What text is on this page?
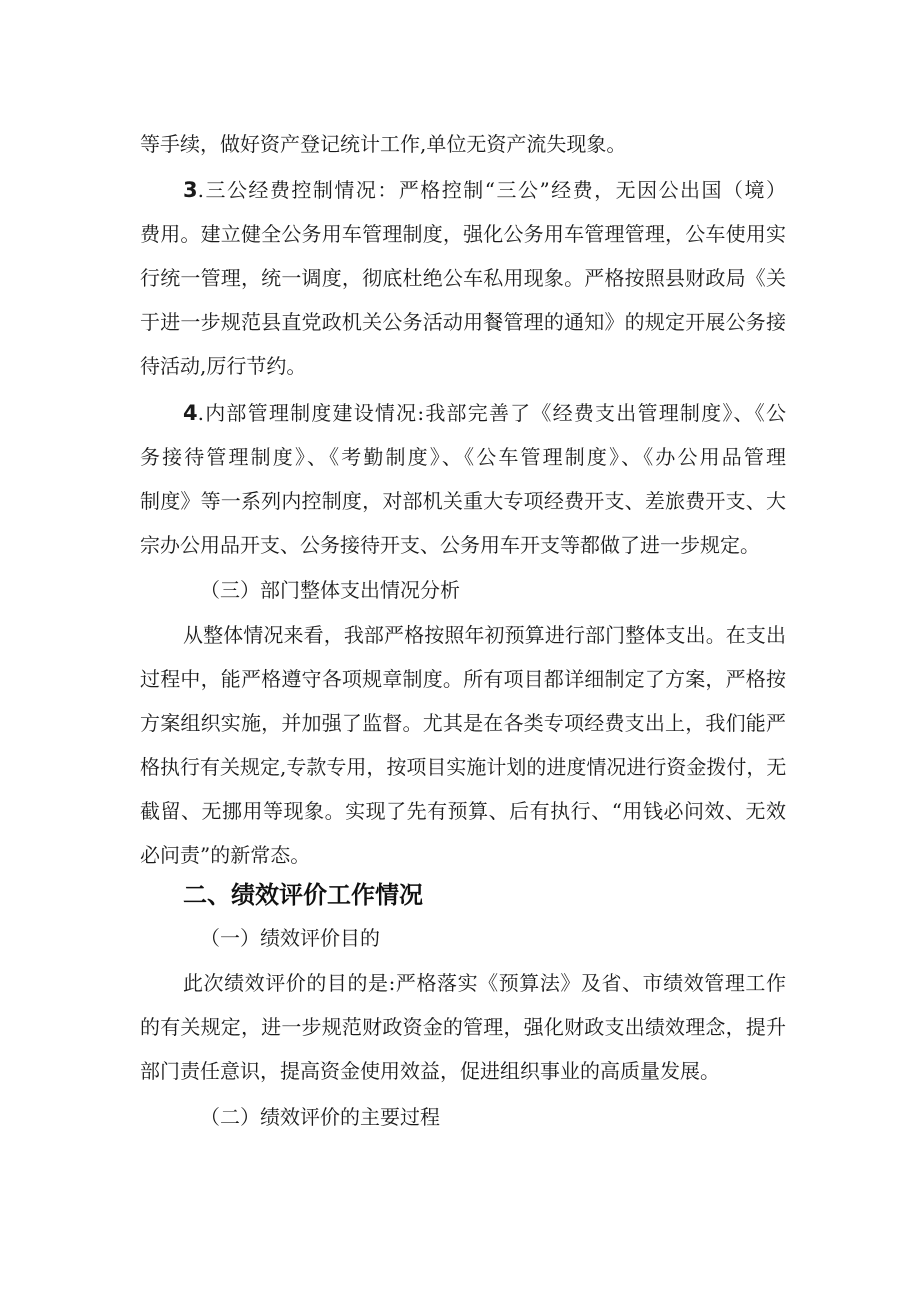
等手续，做好资产登记统计工作,单位无资产流失现象。
3.三公经费控制情况：严格控制“三公”经费，无因公出国（境）
费用。建立健全公务用车管理制度，强化公务用车管理管理，公车使用实
行统一管理，统一调度，彻底杜绝公车私用现象。严格按照县财政局《关
于进一步规范县直党政机关公务活动用餐管理的通知》的规定开展公务接
待活动,厉行节约。
4.内部管理制度建设情况:我部完善了《经费支出管理制度》、《公
务接待管理制度》、《考勤制度》、《公车管理制度》、《办公用品管理
制度》等一系列内控制度，对部机关重大专项经费开支、差旅费开支、大
宗办公用品开支、公务接待开支、公务用车开支等都做了进一步规定。
（三）部门整体支出情况分析
从整体情况来看，我部严格按照年初预算进行部门整体支出。在支出
过程中，能严格遵守各项规章制度。所有项目都详细制定了方案，严格按
方案组织实施，并加强了监督。尤其是在各类专项经费支出上，我们能严
格执行有关规定,专款专用，按项目实施计划的进度情况进行资金拨付，无
截留、无挪用等现象。实现了先有预算、后有执行、“用钱必问效、无效
必问责”的新常态。
二、绩效评价工作情况
（一）绩效评价目的
此次绩效评价的目的是:严格落实《预算法》及省、市绩效管理工作
的有关规定，进一步规范财政资金的管理，强化财政支出绩效理念，提升
部门责任意识，提高资金使用效益，促进组织事业的高质量发展。
（二）绩效评价的主要过程
